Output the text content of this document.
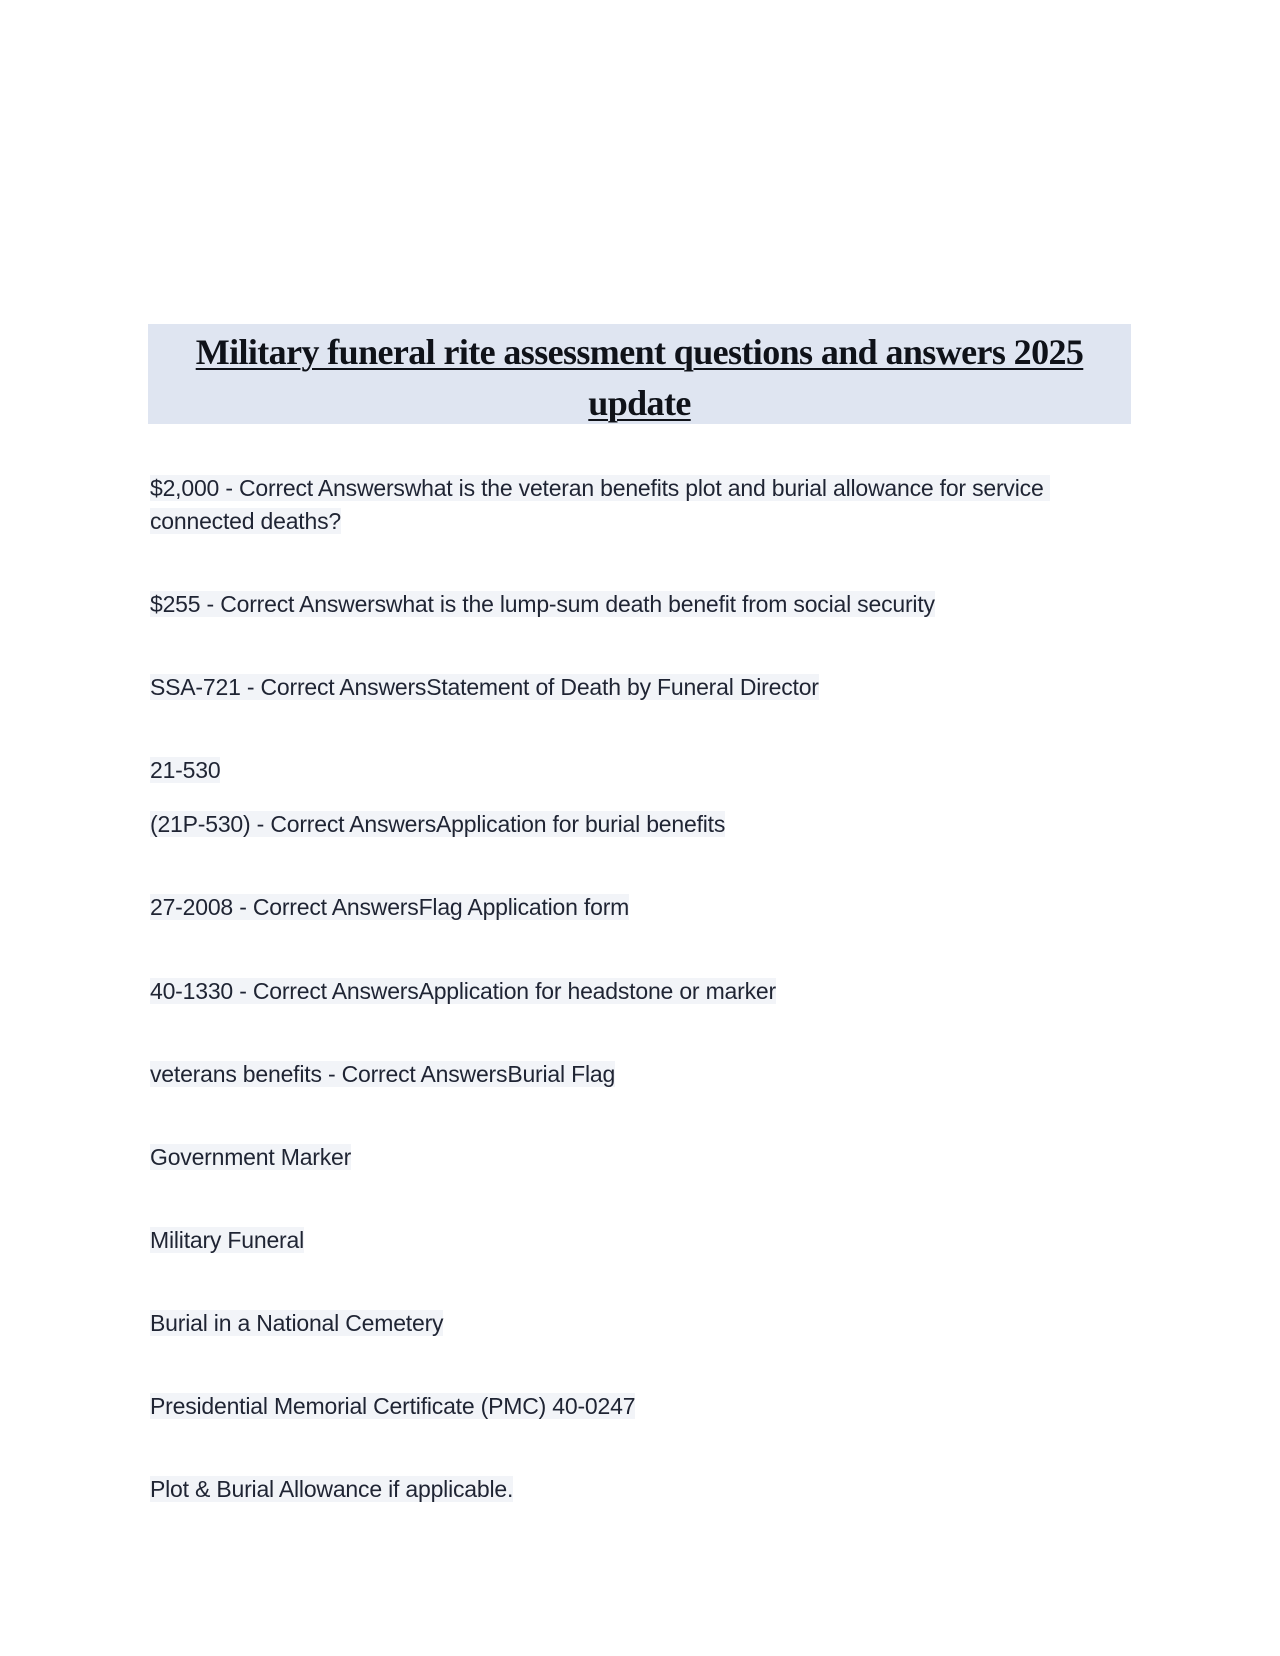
Military funeral rite assessment questions and answers 2025 update

$2,000 - Correct Answerswhat is the veteran benefits plot and burial allowance for service connected deaths?

$255 - Correct Answerswhat is the lump-sum death benefit from social security

SSA-721 - Correct AnswersStatement of Death by Funeral Director

21-530

(21P-530) - Correct AnswersApplication for burial benefits

27-2008 - Correct AnswersFlag Application form

40-1330 - Correct AnswersApplication for headstone or marker

veterans benefits - Correct AnswersBurial Flag

Government Marker

Military Funeral

Burial in a National Cemetery

Presidential Memorial Certificate (PMC) 40-0247

Plot & Burial Allowance if applicable.
